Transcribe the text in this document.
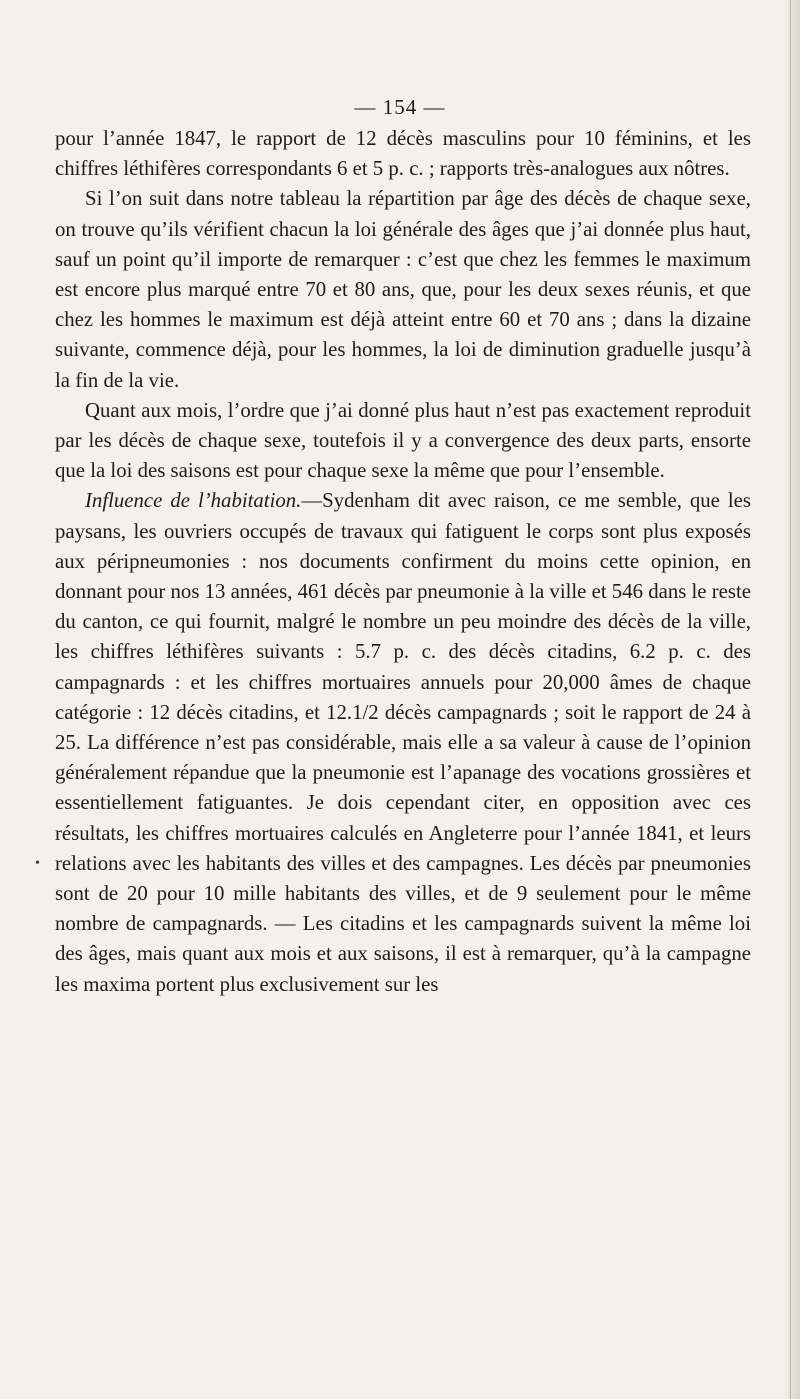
— 154 —
•

pour l’année 1847, le rapport de 12 décès masculins pour 10 féminins, et les chiffres léthifères correspondants 6 et 5 p. c. ; rapports très-analogues aux nôtres.

Si l’on suit dans notre tableau la répartition par âge des décès de chaque sexe, on trouve qu’ils vérifient chacun la loi générale des âges que j’ai donnée plus haut, sauf un point qu’il importe de remarquer : c’est que chez les femmes le maximum est encore plus marqué entre 70 et 80 ans, que, pour les deux sexes réunis, et que chez les hommes le maximum est déjà atteint entre 60 et 70 ans ; dans la dizaine suivante, commence déjà, pour les hommes, la loi de diminution graduelle jusqu’à la fin de la vie.

Quant aux mois, l’ordre que j’ai donné plus haut n’est pas exactement reproduit par les décès de chaque sexe, toutefois il y a convergence des deux parts, ensorte que la loi des saisons est pour chaque sexe la même que pour l’ensemble.

Influence de l’habitation.—Sydenham dit avec raison, ce me semble, que les paysans, les ouvriers occupés de travaux qui fatiguent le corps sont plus exposés aux péripneumonies : nos documents confirment du moins cette opinion, en donnant pour nos 13 années, 461 décès par pneumonie à la ville et 546 dans le reste du canton, ce qui fournit, malgré le nombre un peu moindre des décès de la ville, les chiffres léthifères suivants : 5.7 p. c. des décès citadins, 6.2 p. c. des campagnards : et les chiffres mortuaires annuels pour 20,000 âmes de chaque catégorie : 12 décès citadins, et 12.1/2 décès campagnards ; soit le rapport de 24 à 25. La différence n’est pas considérable, mais elle a sa valeur à cause de l’opinion généralement répandue que la pneumonie est l’apanage des vocations grossières et essentiellement fatiguantes. Je dois cependant citer, en opposition avec ces résultats, les chiffres mortuaires calculés en Angleterre pour l’année 1841, et leurs relations avec les habitants des villes et des campagnes. Les décès par pneumonies sont de 20 pour 10 mille habitants des villes, et de 9 seulement pour le même nombre de campagnards. — Les citadins et les campagnards suivent la même loi des âges, mais quant aux mois et aux saisons, il est à remarquer, qu’à la campagne les maxima portent plus exclusivement sur les
